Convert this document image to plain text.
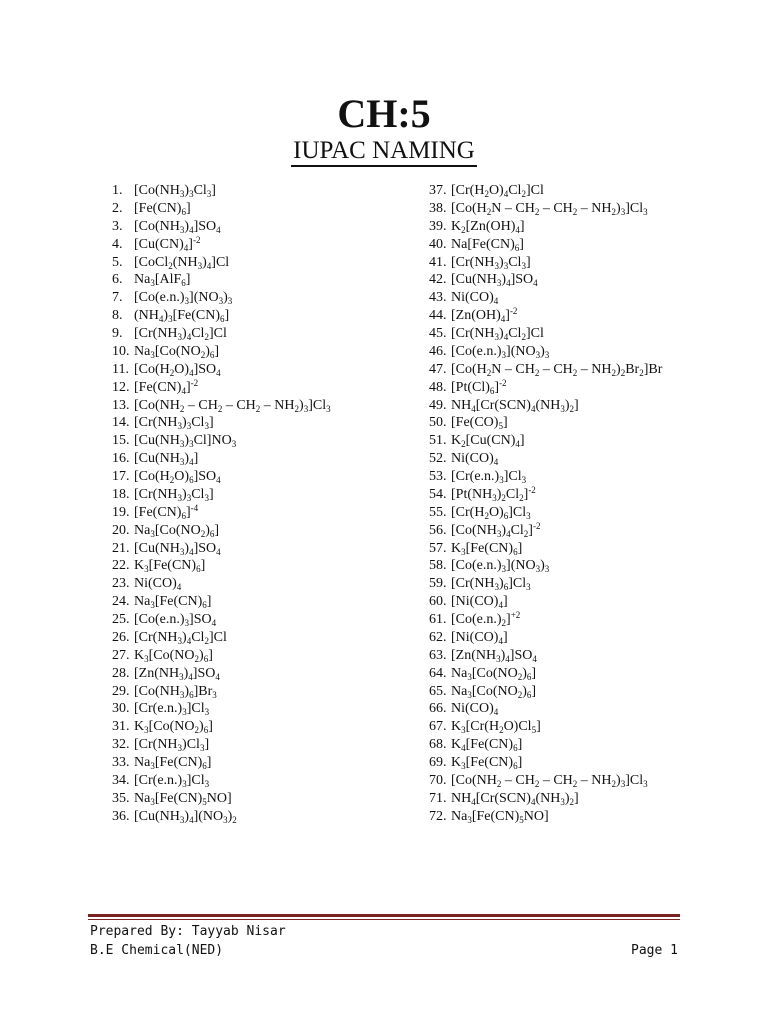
CH:5
IUPAC NAMING
1. $[Co(NH_3)_3Cl_3]$
2. $[Fe(CN)_6]$
3. $[Co(NH_3)_4]SO_4$
4. $[Cu(CN)_4]^{-2}$
5. $[CoCl_2(NH_3)_4]Cl$
6. $Na_3[AlF_6]$
7. $[Co(e.n.)_3](NO_3)_3$
8. $(NH_4)_3[Fe(CN)_6]$
9. $[Cr(NH_3)_4Cl_2]Cl$
10. $Na_3[Co(NO_2)_6]$
11. $[Co(H_2O)_4]SO_4$
12. $[Fe(CN)_4]^{-2}$
13. $[Co(NH_2 - CH_2 - CH_2 - NH_2)_3]Cl_3$
14. $[Cr(NH_3)_3Cl_3]$
15. $[Cu(NH_3)_3Cl]NO_3$
16. $[Cu(NH_3)_4]$
17. $[Co(H_2O)_6]SO_4$
18. $[Cr(NH_3)_3Cl_3]$
19. $[Fe(CN)_6]^{-4}$
20. $Na_3[Co(NO_2)_6]$
21. $[Cu(NH_3)_4]SO_4$
22. $K_3[Fe(CN)_6]$
23. $Ni(CO)_4$
24. $Na_3[Fe(CN)_6]$
25. $[Co(e.n.)_3]SO_4$
26. $[Cr(NH_3)_4Cl_2]Cl$
27. $K_3[Co(NO_2)_6]$
28. $[Zn(NH_3)_4]SO_4$
29. $[Co(NH_3)_6]Br_3$
30. $[Cr(e.n.)_3]Cl_3$
31. $K_3[Co(NO_2)_6]$
32. $[Cr(NH_3)Cl_3]$
33. $Na_3[Fe(CN)_6]$
34. $[Cr(e.n.)_3]Cl_3$
35. $Na_3[Fe(CN)_5NO]$
36. $[Cu(NH_3)_4](NO_3)_2$
37. $[Cr(H_2O)_4Cl_2]Cl$
38. $[Co(H_2N - CH_2 - CH_2 - NH_2)_3]Cl_3$
39. $K_2[Zn(OH)_4]$
40. $Na[Fe(CN)_6]$
41. $[Cr(NH_3)_3Cl_3]$
42. $[Cu(NH_3)_4]SO_4$
43. $Ni(CO)_4$
44. $[Zn(OH)_4]^{-2}$
45. $[Cr(NH_3)_4Cl_2]Cl$
46. $[Co(e.n.)_3](NO_3)_3$
47. $[Co(H_2N - CH_2 - CH_2 - NH_2)_2Br_2]Br$
48. $[Pt(Cl)_6]^{-2}$
49. $NH_4[Cr(SCN)_4(NH_3)_2]$
50. $[Fe(CO)_5]$
51. $K_2[Cu(CN)_4]$
52. $Ni(CO)_4$
53. $[Cr(e.n.)_3]Cl_3$
54. $[Pt(NH_3)_2Cl_2]^{-2}$
55. $[Cr(H_2O)_6]Cl_3$
56. $[Co(NH_3)_4Cl_2]^{-2}$
57. $K_3[Fe(CN)_6]$
58. $[Co(e.n.)_3](NO_3)_3$
59. $[Cr(NH_3)_6]Cl_3$
60. $[Ni(CO)_4]$
61. $[Co(e.n.)_2]^{+2}$
62. $[Ni(CO)_4]$
63. $[Zn(NH_3)_4]SO_4$
64. $Na_3[Co(NO_2)_6]$
65. $Na_3[Co(NO_2)_6]$
66. $Ni(CO)_4$
67. $K_3[Cr(H_2O)Cl_5]$
68. $K_4[Fe(CN)_6]$
69. $K_3[Fe(CN)_6]$
70. $[Co(NH_2 - CH_2 - CH_2 - NH_2)_3]Cl_3$
71. $NH_4[Cr(SCN)_4(NH_3)_2]$
72. $Na_3[Fe(CN)_5NO]$
Prepared By: Tayyab Nisar
B.E Chemical(NED)	Page 1
